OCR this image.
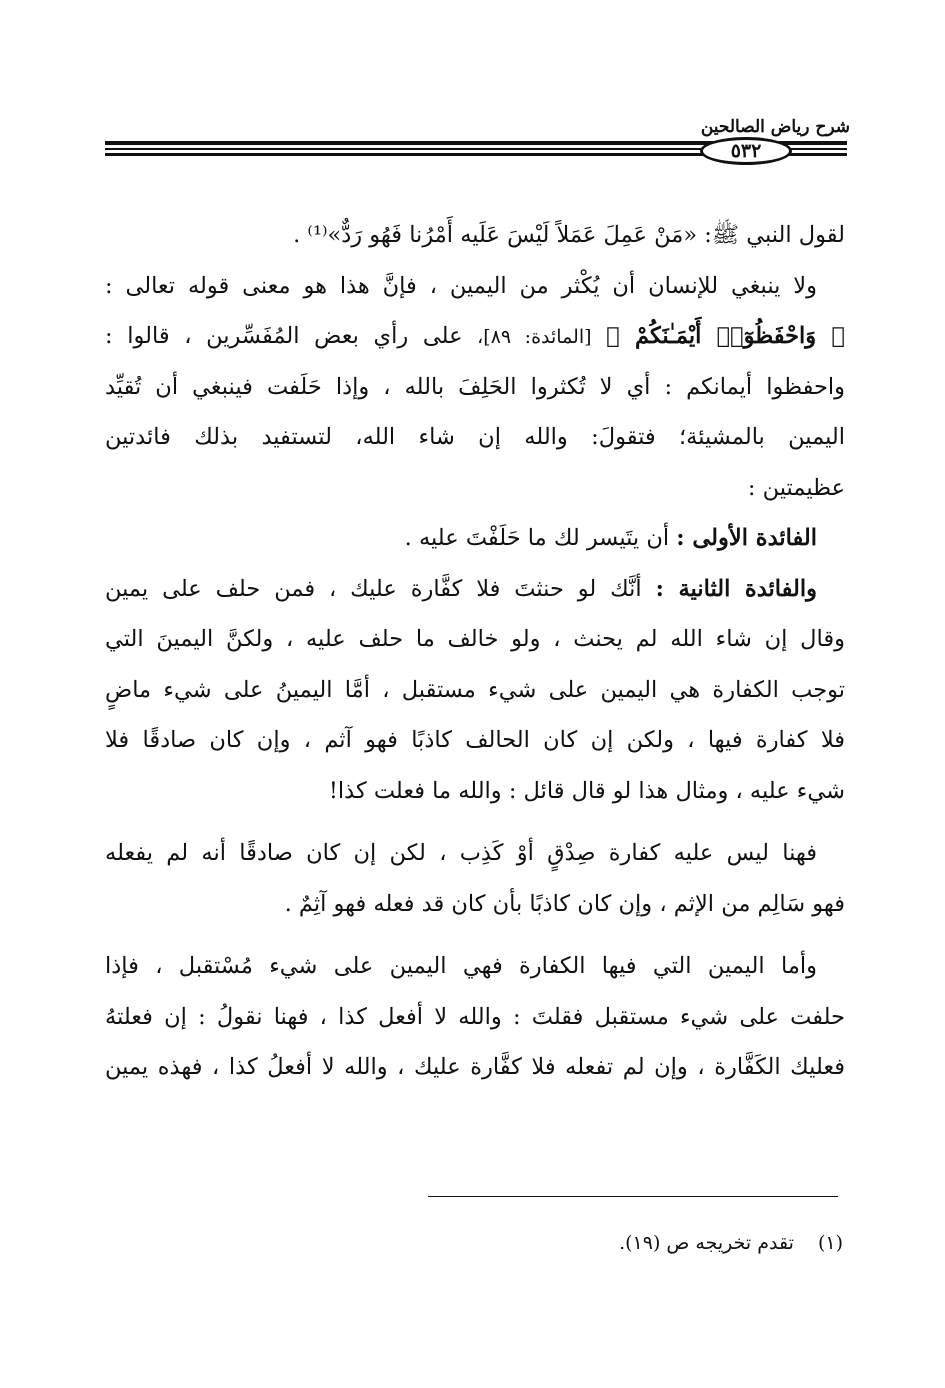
شرح رياض الصالحين
٥٣٢
لقول النبي ﷺ: «مَنْ عَمِلَ عَمَلاً لَيْسَ عَلَيه أَمْرُنا فَهُو رَدٌّ»⁽¹⁾ .
ولا ينبغي للإنسان أن يُكْثر من اليمين ، فإنَّ هذا هو معنى قوله تعالى :
﴿ وَاحْفَظُوٓا۟ أَيْمَـٰنَكُمْ ﴾ [المائدة: ٨٩]، على رأي بعض المُفَسِّرين ، قالوا :
واحفظوا أيمانكم : أي لا تُكثروا الحَلِفَ بالله ، وإذا حَلَفت فينبغي أن تُقيِّد
اليمين بالمشيئة؛ فتقولَ: والله إن شاء الله، لتستفيد بذلك فائدتين
عظيمتين :
الفائدة الأولى : أن يتَيسر لك ما حَلَفْتَ عليه .
والفائدة الثانية : أنَّك لو حنثتَ فلا كفَّارة عليك ، فمن حلف على يمين
وقال إن شاء الله لم يحنث ، ولو خالف ما حلف عليه ، ولكنَّ اليمينَ التي
توجب الكفارة هي اليمين على شيء مستقبل ، أمَّا اليمينُ على شيء ماضٍ
فلا كفارة فيها ، ولكن إن كان الحالف كاذبًا فهو آثم ، وإن كان صادقًا فلا
شيء عليه ، ومثال هذا لو قال قائل : والله ما فعلت كذا!
فهنا ليس عليه كفارة صِدْقٍ أوْ كَذِب ، لكن إن كان صادقًا أنه لم يفعله
فهو سَالِم من الإثم ، وإن كان كاذبًا بأن كان قد فعله فهو آثِمٌ .
وأما اليمين التي فيها الكفارة فهي اليمين على شيء مُسْتقبل ، فإذا
حلفت على شيء مستقبل فقلتَ : والله لا أفعل كذا ، فهنا نقولُ : إن فعلتهُ
فعليك الكَفَّارة ، وإن لم تفعله فلا كفَّارة عليك ، والله لا أفعلُ كذا ، فهذه يمين
(١) تقدم تخريجه ص (١٩).
